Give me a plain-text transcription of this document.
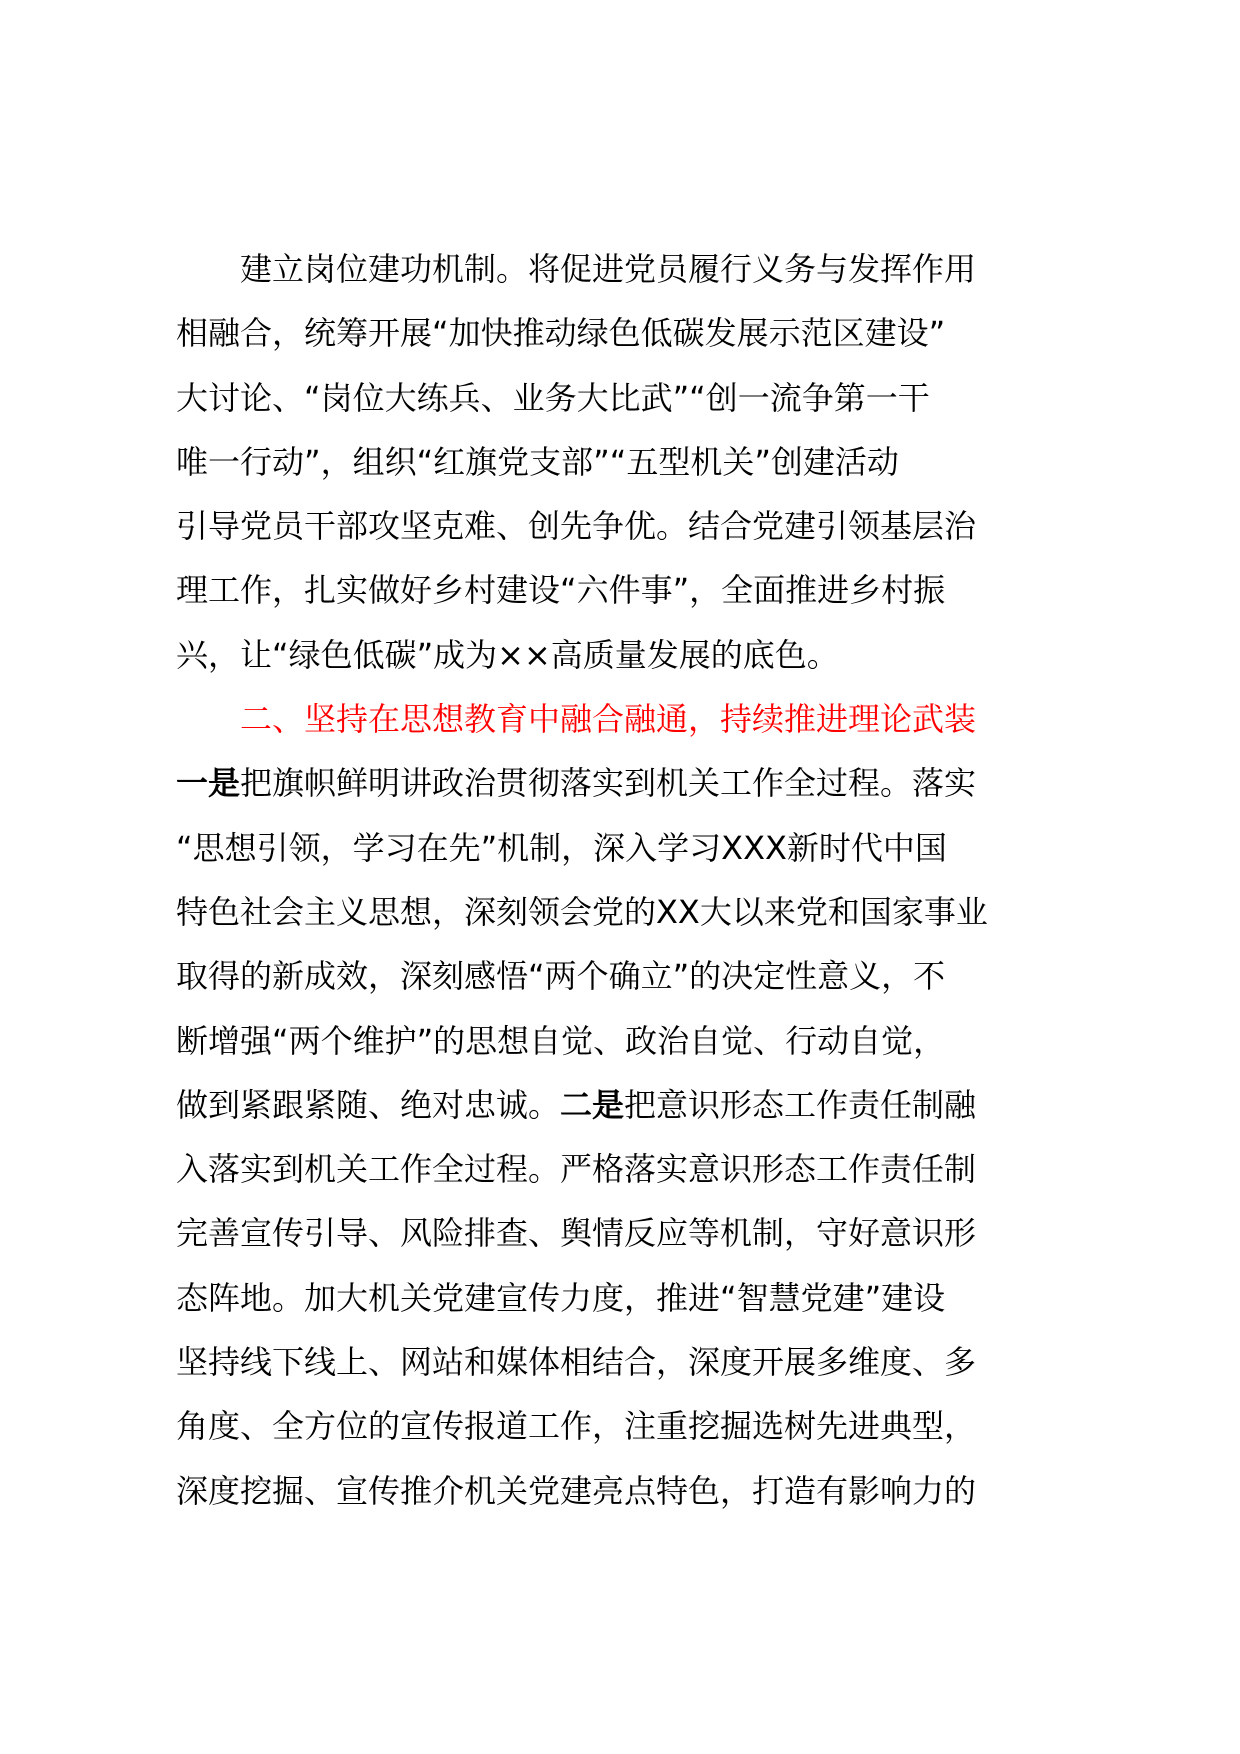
建立岗位建功机制。将促进党员履行义务与发挥作用
相融合，统筹开展“加快推动绿色低碳发展示范区建设”
大讨论、“岗位大练兵、业务大比武”“创一流争第一干
唯一行动”，组织“红旗党支部”“五型机关”创建活动
引导党员干部攻坚克难、创先争优。结合党建引领基层治
理工作，扎实做好乡村建设“六件事”，全面推进乡村振
兴，让“绿色低碳”成为××高质量发展的底色。
二、坚持在思想教育中融合融通，持续推进理论武装
一是把旗帜鲜明讲政治贯彻落实到机关工作全过程。落实
“思想引领，学习在先”机制，深入学习XXX新时代中国
特色社会主义思想，深刻领会党的XX大以来党和国家事业
取得的新成效，深刻感悟“两个确立”的决定性意义，不
断增强“两个维护”的思想自觉、政治自觉、行动自觉，
做到紧跟紧随、绝对忠诚。二是把意识形态工作责任制融
入落实到机关工作全过程。严格落实意识形态工作责任制
完善宣传引导、风险排查、舆情反应等机制，守好意识形
态阵地。加大机关党建宣传力度，推进“智慧党建”建设
坚持线下线上、网站和媒体相结合，深度开展多维度、多
角度、全方位的宣传报道工作，注重挖掘选树先进典型，
深度挖掘、宣传推介机关党建亮点特色，打造有影响力的
